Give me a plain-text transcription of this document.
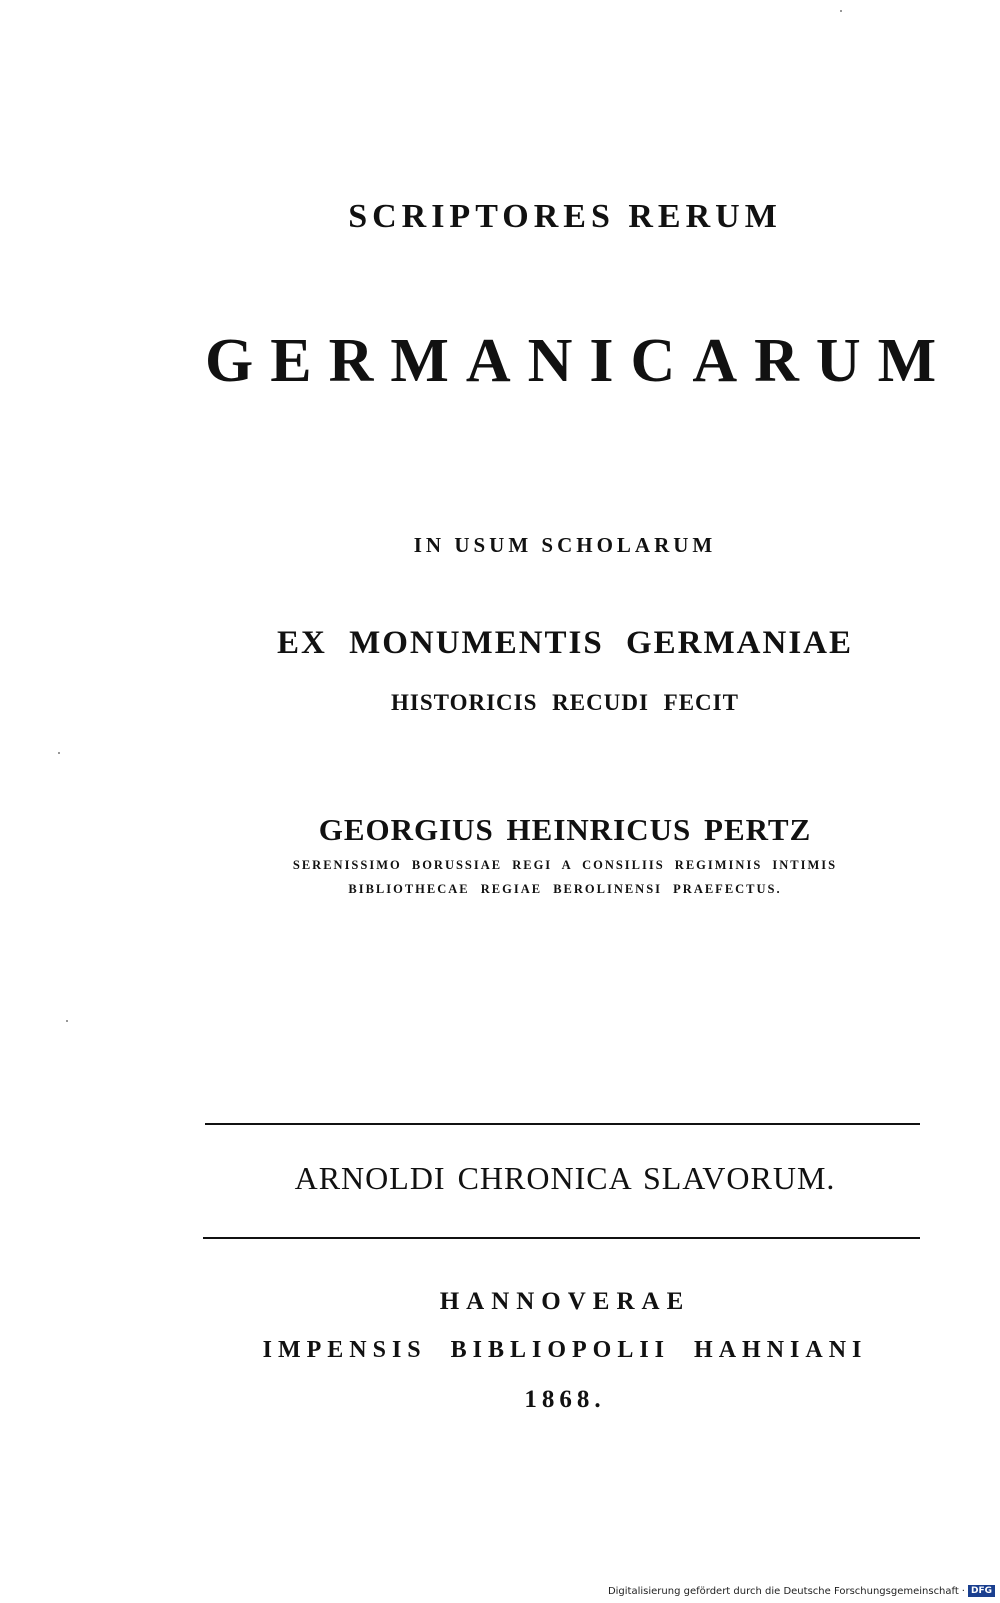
SCRIPTORES RERUM
GERMANICARUM
IN USUM SCHOLARUM
EX MONUMENTIS GERMANIAE
HISTORICIS RECUDI FECIT
GEORGIUS HEINRICUS PERTZ
SERENISSIMO BORUSSIAE REGI A CONSILIIS REGIMINIS INTIMIS
BIBLIOTHECAE REGIAE BEROLINENSI PRAEFECTUS.
ARNOLDI CHRONICA SLAVORUM.
HANNOVERAE
IMPENSIS BIBLIOPOLII HAHNIANI
1868.
Digitalisierung gefördert durch die Deutsche Forschungsgemeinschaft · DFG
